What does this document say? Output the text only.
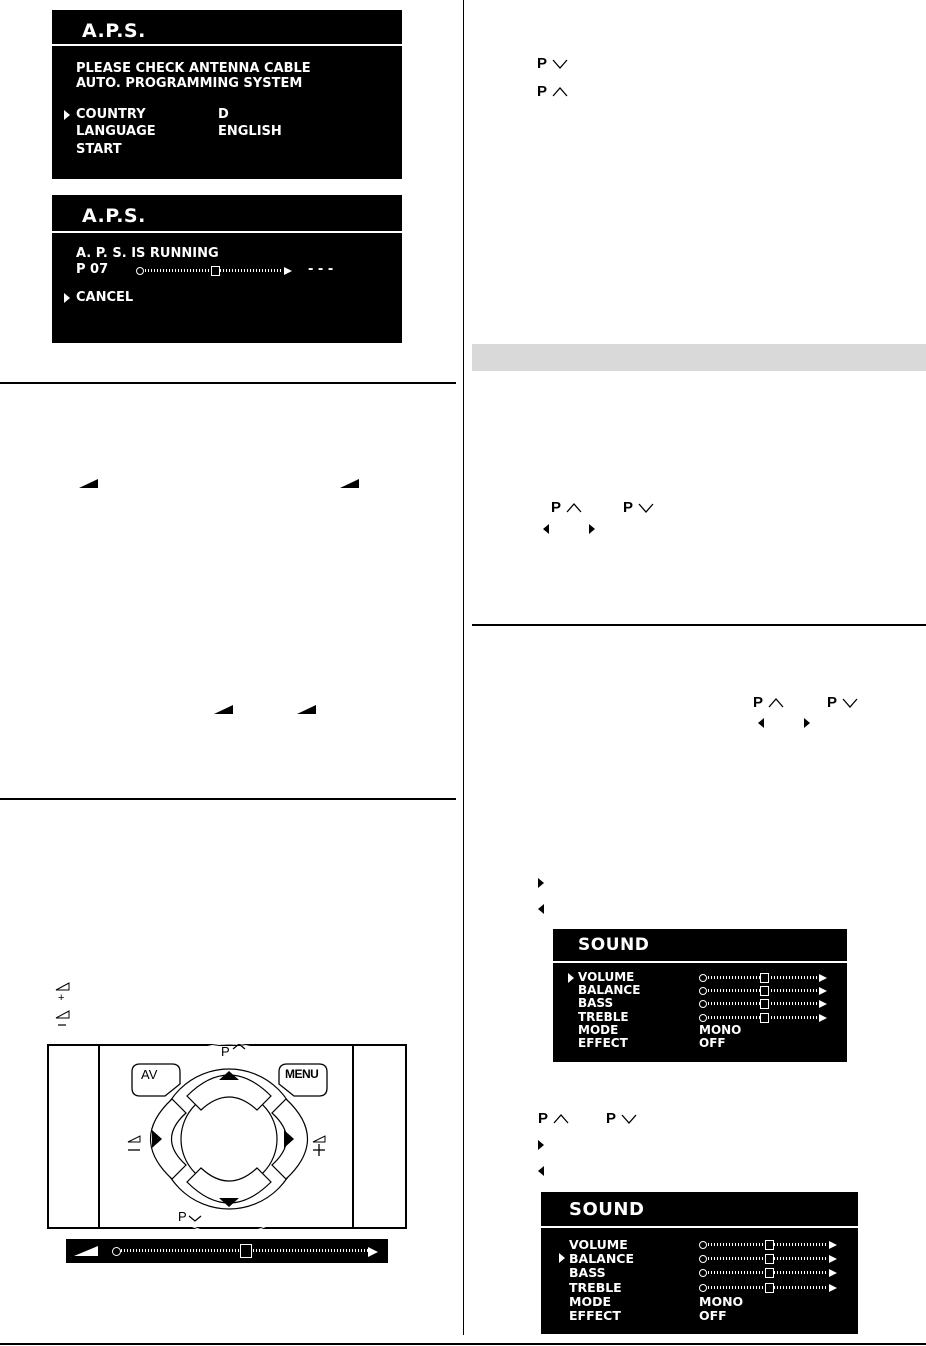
A.P.S.
PLEASE CHECK ANTENNA CABLE
AUTO. PROGRAMMING SYSTEM
COUNTRY	D
LANGUAGE	ENGLISH
START
A.P.S.
A. P. S. IS RUNNING
P 07	- - -
CANCEL
+
AV	MENU
P
P
P
P
P	P
P	P
SOUND
VOLUME
BALANCE
BASS
TREBLE
MODE	MONO
EFFECT	OFF
P	P
SOUND
VOLUME
BALANCE
BASS
TREBLE
MODE	MONO
EFFECT	OFF
